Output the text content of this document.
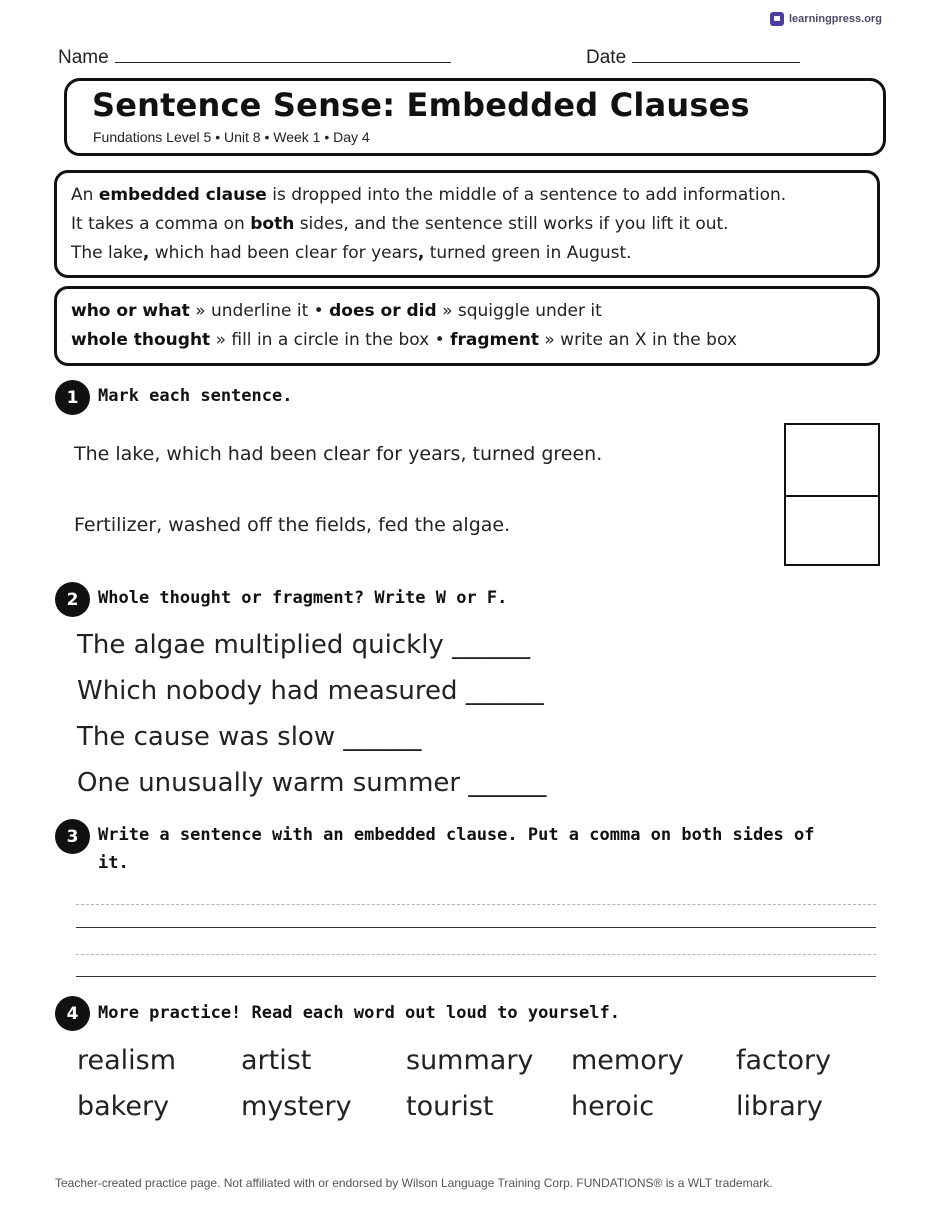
learningpress.org
Name	Date
Sentence Sense: Embedded Clauses
Fundations Level 5 • Unit 8 • Week 1 • Day 4
An embedded clause is dropped into the middle of a sentence to add information.
It takes a comma on both sides, and the sentence still works if you lift it out.
The lake, which had been clear for years, turned green in August.
who or what » underline it • does or did » squiggle under it
whole thought » fill in a circle in the box • fragment » write an X in the box
1	Mark each sentence.
The lake, which had been clear for years, turned green.
Fertilizer, washed off the fields, fed the algae.
2	Whole thought or fragment? Write W or F.
The algae multiplied quickly ______
Which nobody had measured ______
The cause was slow ______
One unusually warm summer ______
3	Write a sentence with an embedded clause. Put a comma on both sides of
it.
4	More practice! Read each word out loud to yourself.
realism artist	summary memory factory
bakery	mystery tourist	heroic	library
Teacher-created practice page. Not affiliated with or endorsed by Wilson Language Training Corp. FUNDATIONS® is a WLT trademark.
